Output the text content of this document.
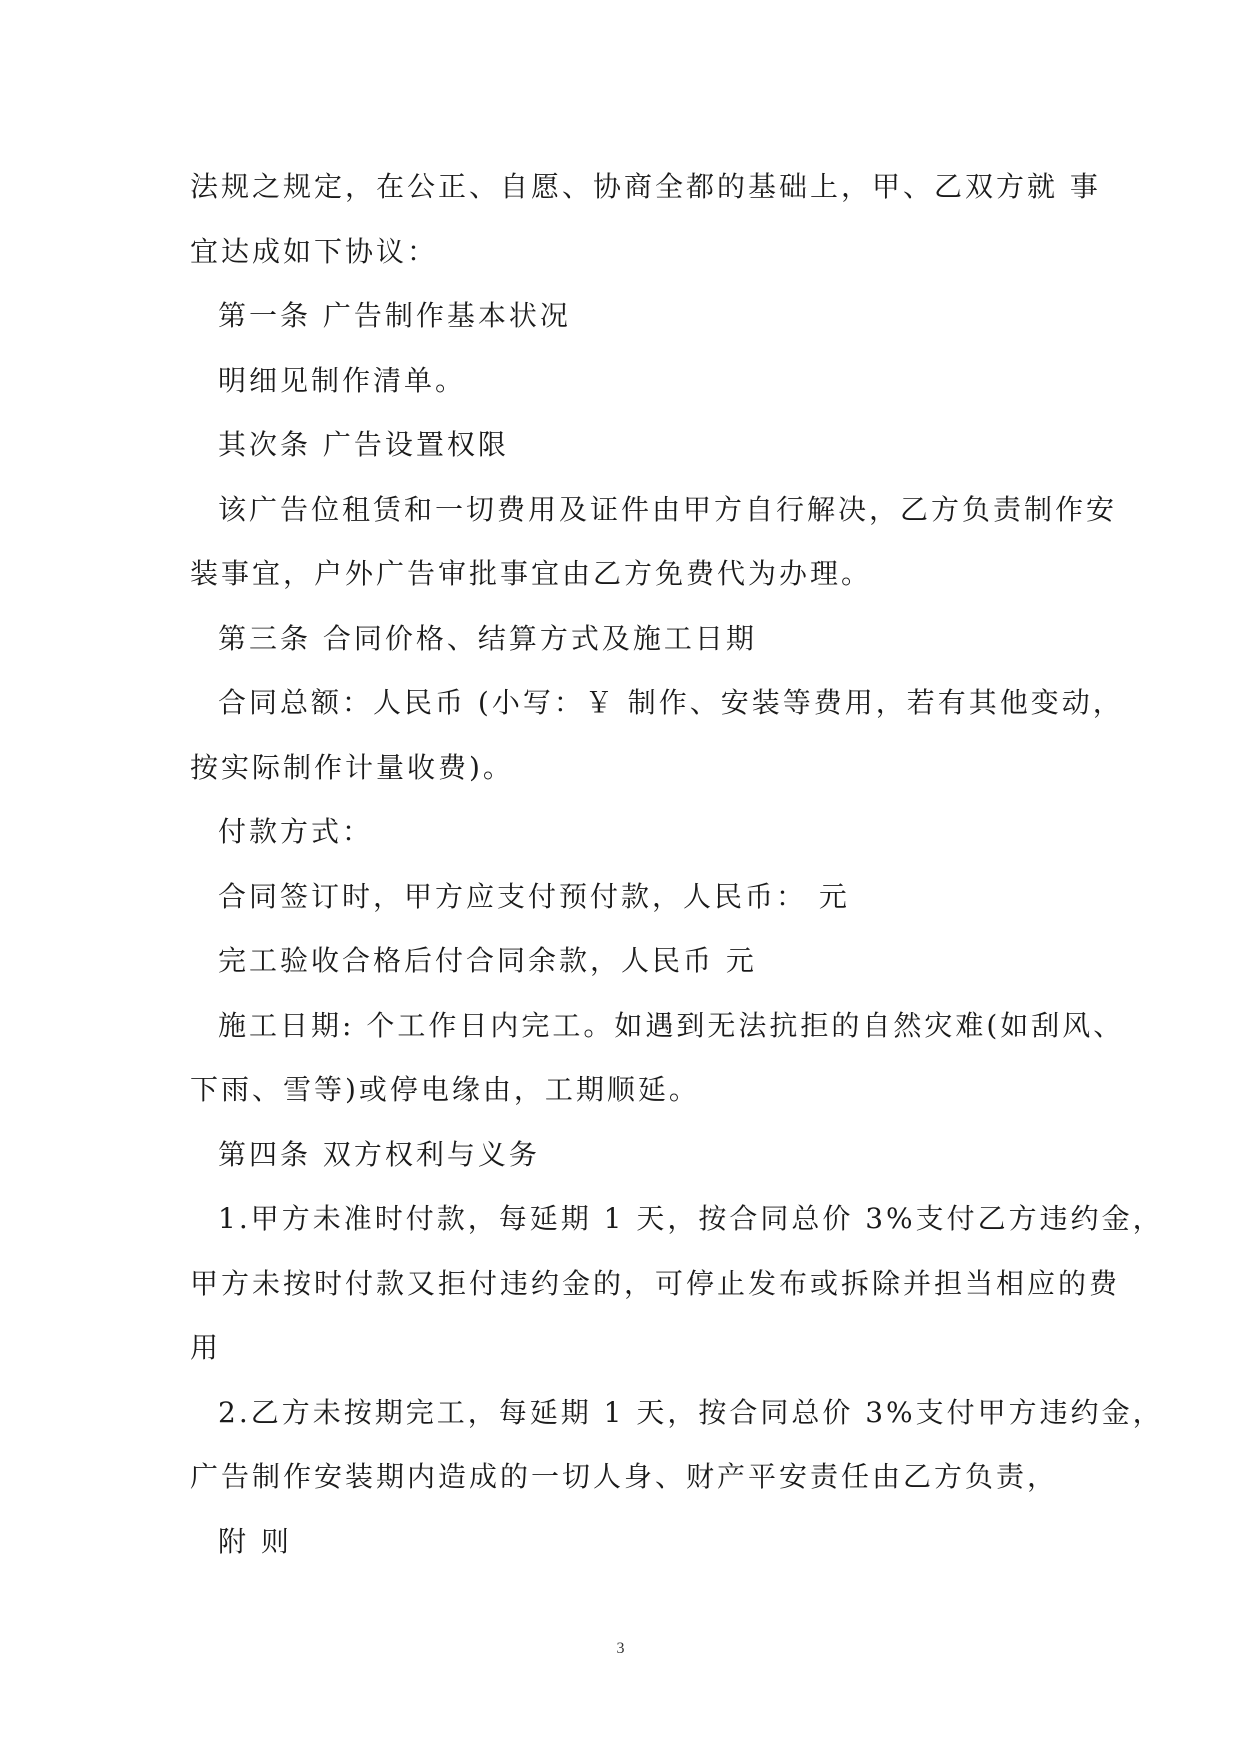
法规之规定，在公正、自愿、协商全都的基础上，甲、乙双方就 事
宜达成如下协议：
第一条 广告制作基本状况
明细见制作清单。
其次条 广告设置权限
该广告位租赁和一切费用及证件由甲方自行解决，乙方负责制作安
装事宜，户外广告审批事宜由乙方免费代为办理。
第三条 合同价格、结算方式及施工日期
合同总额：人民币 (小写：￥ 制作、安装等费用，若有其他变动，
按实际制作计量收费)。
付款方式：
合同签订时，甲方应支付预付款，人民币： 元
完工验收合格后付合同余款，人民币 元
施工日期: 个工作日内完工。如遇到无法抗拒的自然灾难(如刮风、
下雨、雪等)或停电缘由，工期顺延。
第四条 双方权利与义务
1.甲方未准时付款，每延期 1 天，按合同总价 3%支付乙方违约金，
甲方未按时付款又拒付违约金的，可停止发布或拆除并担当相应的费
用
2.乙方未按期完工，每延期 1 天，按合同总价 3%支付甲方违约金，
广告制作安装期内造成的一切人身、财产平安责任由乙方负责，
附 则
3
